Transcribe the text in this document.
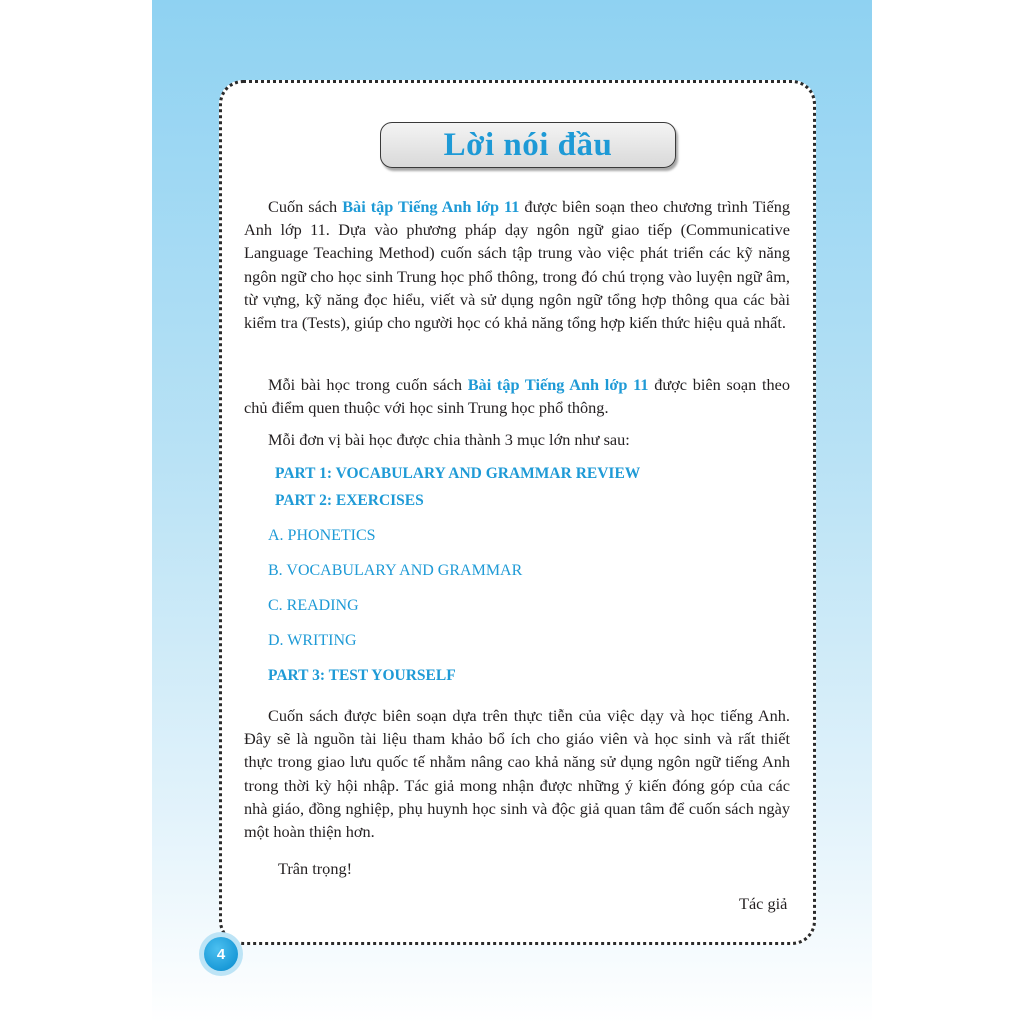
Lời nói đầu

Cuốn sách Bài tập Tiếng Anh lớp 11 được biên soạn theo chương trình Tiếng Anh lớp 11. Dựa vào phương pháp dạy ngôn ngữ giao tiếp (Communicative Language Teaching Method) cuốn sách tập trung vào việc phát triển các kỹ năng ngôn ngữ cho học sinh Trung học phổ thông, trong đó chú trọng vào luyện ngữ âm, từ vựng, kỹ năng đọc hiểu, viết và sử dụng ngôn ngữ tổng hợp thông qua các bài kiểm tra (Tests), giúp cho người học có khả năng tổng hợp kiến thức hiệu quả nhất.

Mỗi bài học trong cuốn sách Bài tập Tiếng Anh lớp 11 được biên soạn theo chủ điểm quen thuộc với học sinh Trung học phổ thông.

Mỗi đơn vị bài học được chia thành 3 mục lớn như sau:

PART 1: VOCABULARY AND GRAMMAR REVIEW

PART 2: EXERCISES

A. PHONETICS

B. VOCABULARY AND GRAMMAR

C. READING

D. WRITING

PART 3: TEST YOURSELF

Cuốn sách được biên soạn dựa trên thực tiễn của việc dạy và học tiếng Anh. Đây sẽ là nguồn tài liệu tham khảo bổ ích cho giáo viên và học sinh và rất thiết thực trong giao lưu quốc tế nhằm nâng cao khả năng sử dụng ngôn ngữ tiếng Anh trong thời kỳ hội nhập. Tác giả mong nhận được những ý kiến đóng góp của các nhà giáo, đồng nghiệp, phụ huynh học sinh và độc giả quan tâm để cuốn sách ngày một hoàn thiện hơn.

Trân trọng!

Tác giả

4
